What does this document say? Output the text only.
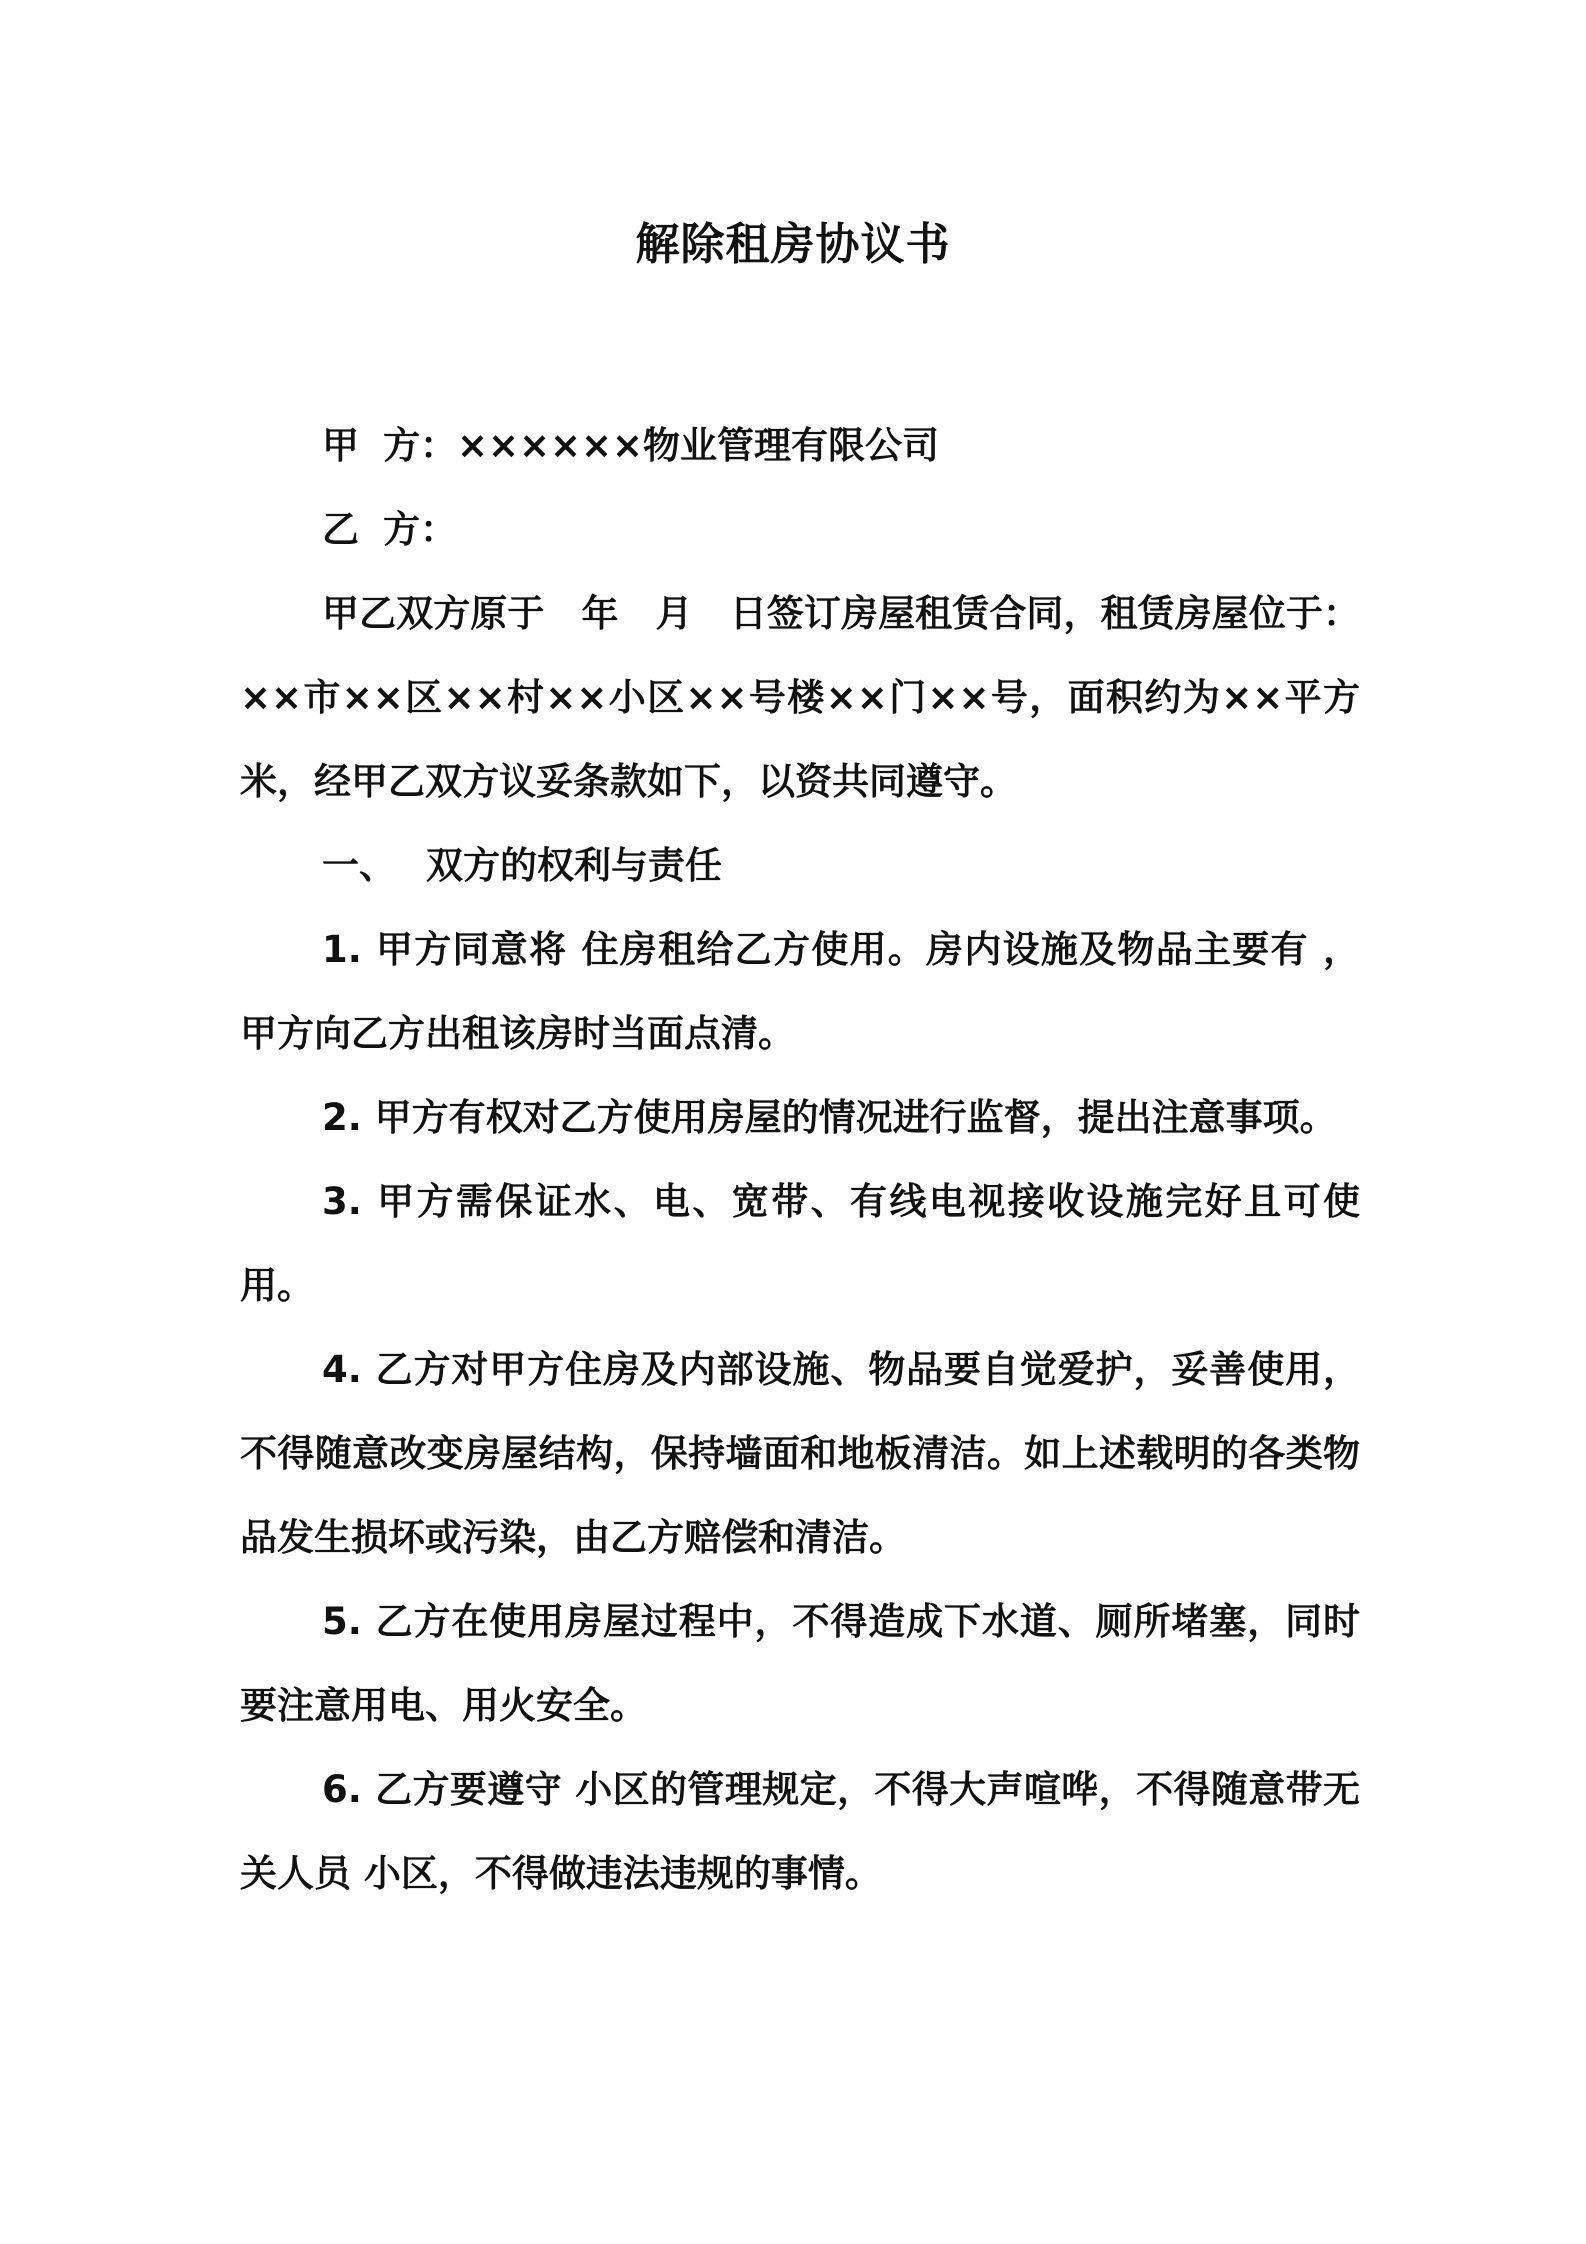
解除租房协议书

甲 方：××××××物业管理有限公司

乙 方：

甲乙双方原于　年　月　日签订房屋租赁合同，租赁房屋位于：××市××区××村××小区××号楼××门××号，面积约为××平方米，经甲乙双方议妥条款如下，以资共同遵守。

一、 双方的权利与责任

1. 甲方同意将 住房租给乙方使用。房内设施及物品主要有 ，甲方向乙方出租该房时当面点清。

2. 甲方有权对乙方使用房屋的情况进行监督，提出注意事项。

3. 甲方需保证水、电、宽带、有线电视接收设施完好且可使用。

4. 乙方对甲方住房及内部设施、物品要自觉爱护，妥善使用，不得随意改变房屋结构，保持墙面和地板清洁。如上述载明的各类物品发生损坏或污染，由乙方赔偿和清洁。

5. 乙方在使用房屋过程中，不得造成下水道、厕所堵塞，同时要注意用电、用火安全。

6. 乙方要遵守 小区的管理规定，不得大声喧哗，不得随意带无关人员 小区，不得做违法违规的事情。
